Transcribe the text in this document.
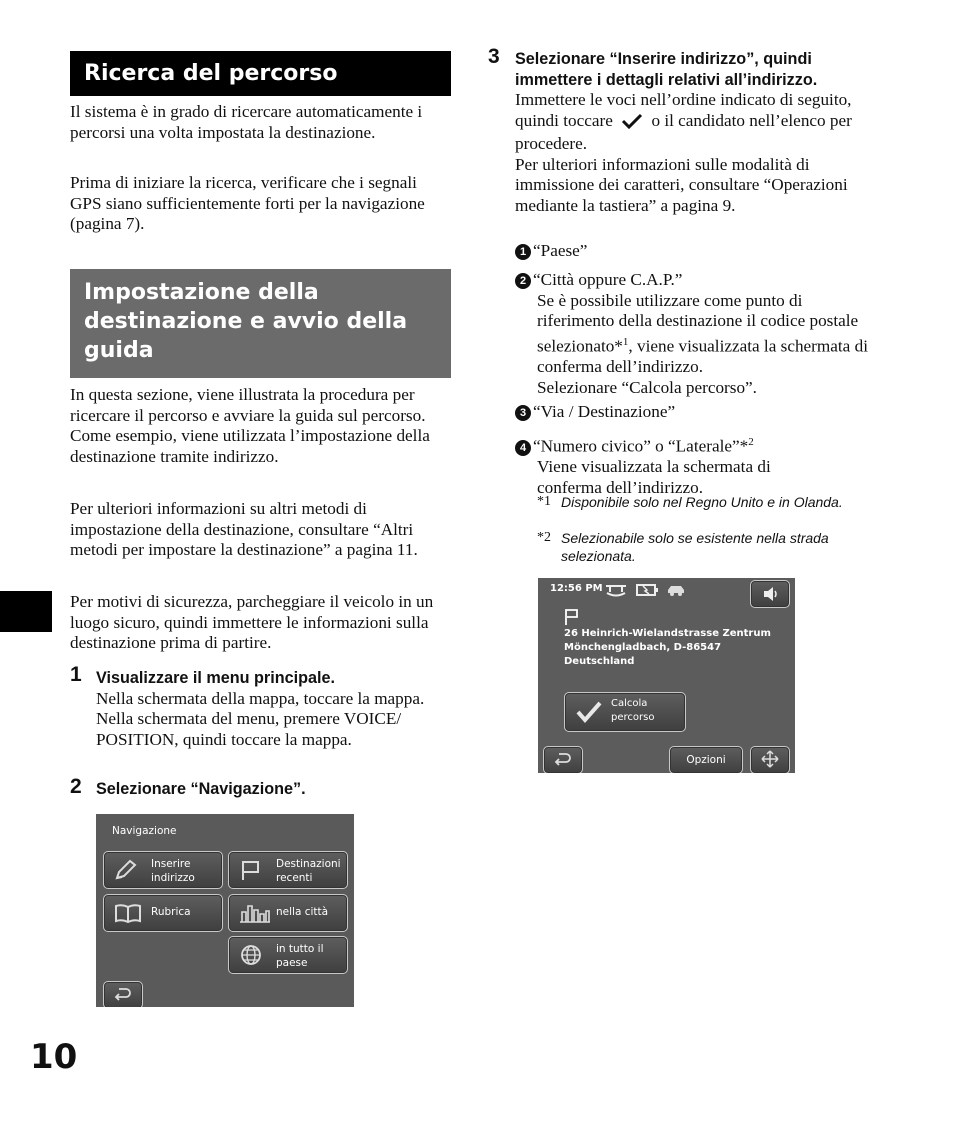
Ricerca del percorso

Il sistema è in grado di ricercare automaticamente i percorsi una volta impostata la destinazione.

Prima di iniziare la ricerca, verificare che i segnali GPS siano sufficientemente forti per la navigazione (pagina 7).

Impostazione della
destinazione e avvio della
guida

In questa sezione, viene illustrata la procedura per ricercare il percorso e avviare la guida sul percorso.

Come esempio, viene utilizzata l’impostazione della destinazione tramite indirizzo.

Per ulteriori informazioni su altri metodi di impostazione della destinazione, consultare “Altri metodi per impostare la destinazione” a pagina 11.

Per motivi di sicurezza, parcheggiare il veicolo in un luogo sicuro, quindi immettere le informazioni sulla destinazione prima di partire.

1 Visualizzare il menu principale.

Nella schermata della mappa, toccare la mappa.

Nella schermata del menu, premere VOICE/ POSITION, quindi toccare la mappa.

2 Selezionare “Navigazione”.

Navigazione
Inserire indirizzo
Destinazioni recenti
Rubrica	nella città
in tutto il paese
10
3 Selezionare “Inserire indirizzo”, quindi immettere i dettagli relativi all’indirizzo.

Immettere le voci nell’ordine indicato di seguito, quindi toccare o il candidato nell’elenco per procedere.

Per ulteriori informazioni sulle modalità di immissione dei caratteri, consultare “Operazioni mediante la tastiera” a pagina 9.

1 “Paese”
2 “Città oppure C.A.P.”

Se è possibile utilizzare come punto di riferimento della destinazione il codice postale selezionato*$^1$, viene visualizzata la schermata di conferma dell’indirizzo.

Selezionare “Calcola percorso”.

3 “Via / Destinazione”
4 “Numero civico” o “Laterale”*$^2$

Viene visualizzata la schermata di conferma dell’indirizzo.

*1 Disponibile solo nel Regno Unito e in Olanda.
*2 Selezionabile solo se esistente nella strada selezionata.
12:56 PM
26 Heinrich-Wielandstrasse Zentrum
Mönchengladbach, D-86547
Deutschland
Calcola percorso
Opzioni
